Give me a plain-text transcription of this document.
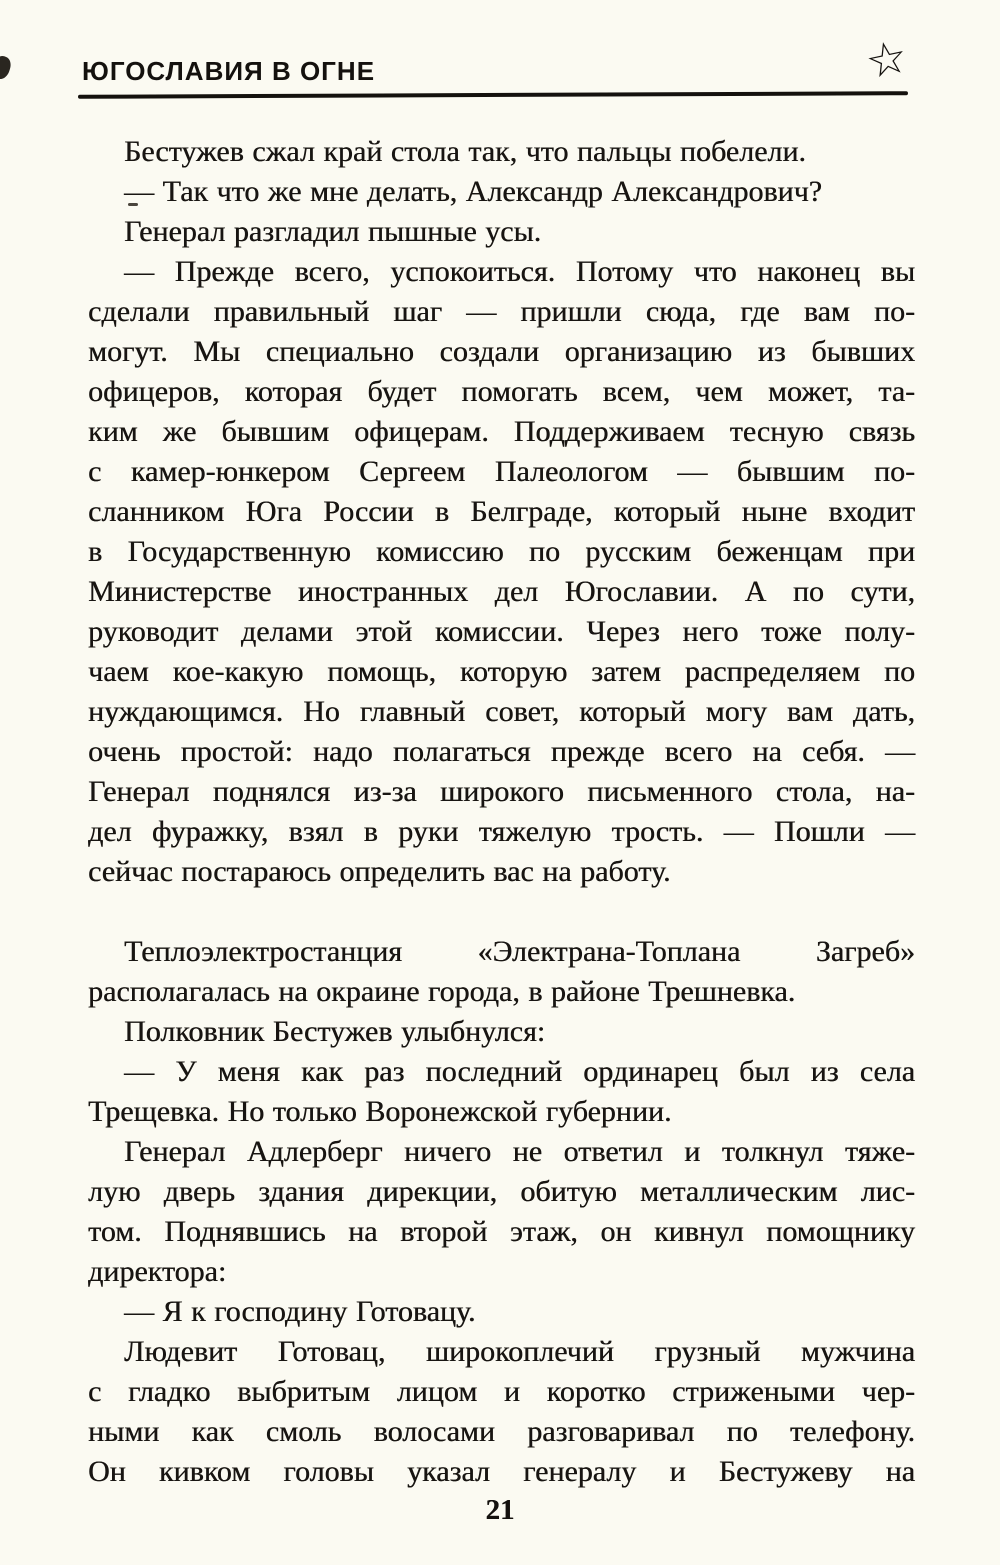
ЮГОСЛАВИЯ В ОГНЕ	☆
Бестужев сжал край стола так, что пальцы побелели.
— Так что же мне делать, Александр Александрович?
Генерал разгладил пышные усы.
— Прежде всего, успокоиться. Потому что наконец вы
сделали правильный шаг — пришли сюда, где вам по-
могут. Мы специально создали организацию из бывших
офицеров, которая будет помогать всем, чем может, та-
ким же бывшим офицерам. Поддерживаем тесную связь
с камер-юнкером Сергеем Палеологом — бывшим по-
сланником Юга России в Белграде, который ныне входит
в Государственную комиссию по русским беженцам при
Министерстве иностранных дел Югославии. А по сути,
руководит делами этой комиссии. Через него тоже полу-
чаем кое-какую помощь, которую затем распределяем по
нуждающимся. Но главный совет, который могу вам дать,
очень простой: надо полагаться прежде всего на себя. —
Генерал поднялся из-за широкого письменного стола, на-
дел фуражку, взял в руки тяжелую трость. — Пошли —
сейчас постараюсь определить вас на работу.
Теплоэлектростанция «Электрана-Топлана Загреб»
располагалась на окраине города, в районе Трешневка.
Полковник Бестужев улыбнулся:
— У меня как раз последний ординарец был из села
Трещевка. Но только Воронежской губернии.
Генерал Адлерберг ничего не ответил и толкнул тяже-
лую дверь здания дирекции, обитую металлическим лис-
том. Поднявшись на второй этаж, он кивнул помощнику
директора:
— Я к господину Готовацу.
Людевит Готовац, широкоплечий грузный мужчина
с гладко выбритым лицом и коротко стрижеными чер-
ными как смоль волосами разговаривал по телефону.
Он кивком головы указал генералу и Бестужеву на
21
